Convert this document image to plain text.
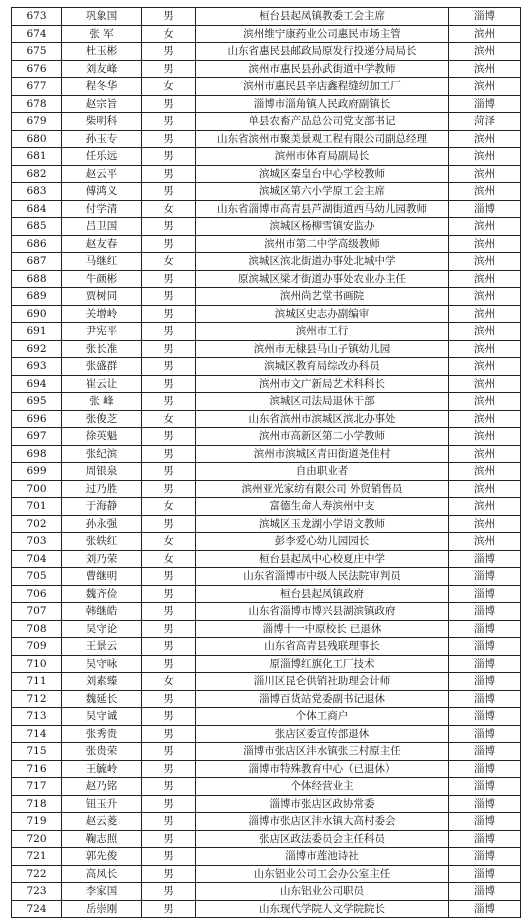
673	巩象国	男	桓台县起凤镇教委工会主席	淄博
674	张 军	女	滨州维宁康药业公司惠民市场主管	滨州
675	杜玉彬	男	山东省惠民县邮政局原发行投递分局局长	滨州
676	刘友峰	男	滨州市惠民县孙武街道中学教师	滨州
677	程冬华	女	滨州市惠民县辛店鑫程缝纫加工厂	滨州
678	赵宗旨	男	淄博市淄角镇人民政府副镇长	淄博
679	柴明科	男	单县农畜产品总公司党支部书记	菏泽
680	孙玉专	男	山东省滨州市聚美景观工程有限公司副总经理	滨州
681	任乐远	男	滨州市体育局副局长	滨州
682	赵云平	男	滨城区秦皇台中心学校教师	滨州
683	傅鸿义	男	滨城区第六小学原工会主席	滨州
684	付学清	女	山东省淄博市高青县芦湖街道西马幼儿园教师	淄博
685	吕卫国	男	滨城区杨柳雪镇安监办	滨州
686	赵友春	男	滨州市第二中学高级教师	滨州
687	马继红	女	滨城区滨北街道办事处北城中学	滨州
688	牛颜彬	男	原滨城区梁才街道办事处农业办主任	滨州
689	贾树同	男	滨州尚艺堂书画院	滨州
690	关增岭	男	滨城区史志办副编审	滨州
691	尹宪平	男	滨州市工行	滨州
692	张长准	男	滨州市无棣县马山子镇幼儿园	滨州
693	张盛群	男	滨城区教育局综改办科员	滨州
694	崔云让	男	滨州市文广新局艺术科科长	滨州
695	张 峰	男	滨城区司法局退休干部	滨州
696	张俊芝	女	山东省滨州市滨城区滨北办事处	滨州
697	徐英魁	男	滨州市高新区第二小学教师	滨州
698	张纪滨	男	滨州市滨城区青田街道尧佳村	滨州
699	周银泉	男	自由职业者	滨州
700	过乃胜	男	滨州亚光家纺有限公司 外贸销售员	滨州
701	于海静	女	富德生命人寿滨州中支	滨州
702	孙永强	男	滨城区玉龙湖小学语文教师	滨州
703	张轶红	女	彭李爱心幼儿园园长	滨州
704	刘乃荣	女	桓台县起凤中心校夏庄中学	淄博
705	曹继明	男	山东省淄博市中级人民法院审判员	淄博
706	魏齐俭	男	桓台县起凤镇政府	淄博
707	韩继皓	男	山东省淄博市博兴县湖滨镇政府	淄博
708	吴守论	男	淄博十一中原校长 已退休	淄博
709	王景云	男	山东省高青县残联理事长	淄博
710	吴守咏	男	原淄博红旗化工厂技术	淄博
711	刘素臻	女	淄川区昆仑供销社助理会计师	淄博
712	魏延长	男	淄博百货站党委副书记退休	淄博
713	吴守诚	男	个体工商户	淄博
714	张秀贵	男	张店区委宣传部退休	淄博
715	张贵荣	男	淄博市张店区沣水镇张三村原主任	淄博
716	王毓岭	男	淄博市特殊教育中心（已退休）	淄博
717	赵乃铭	男	个体经营业主	淄博
718	钮玉升	男	淄博市张店区政协常委	淄博
719	赵云菱	男	淄博市张店区沣水镇大高村委会	淄博
720	鞠志照	男	张店区政法委员会主任科员	淄博
721	郭先俊	男	淄博市莲池诗社	淄博
722	高凤长	男	山东铝业公司工会办公室主任	淄博
723	李家国	男	山东铝业公司职员	淄博
724	岳崇刚	男	山东现代学院人文学院院长	淄博
